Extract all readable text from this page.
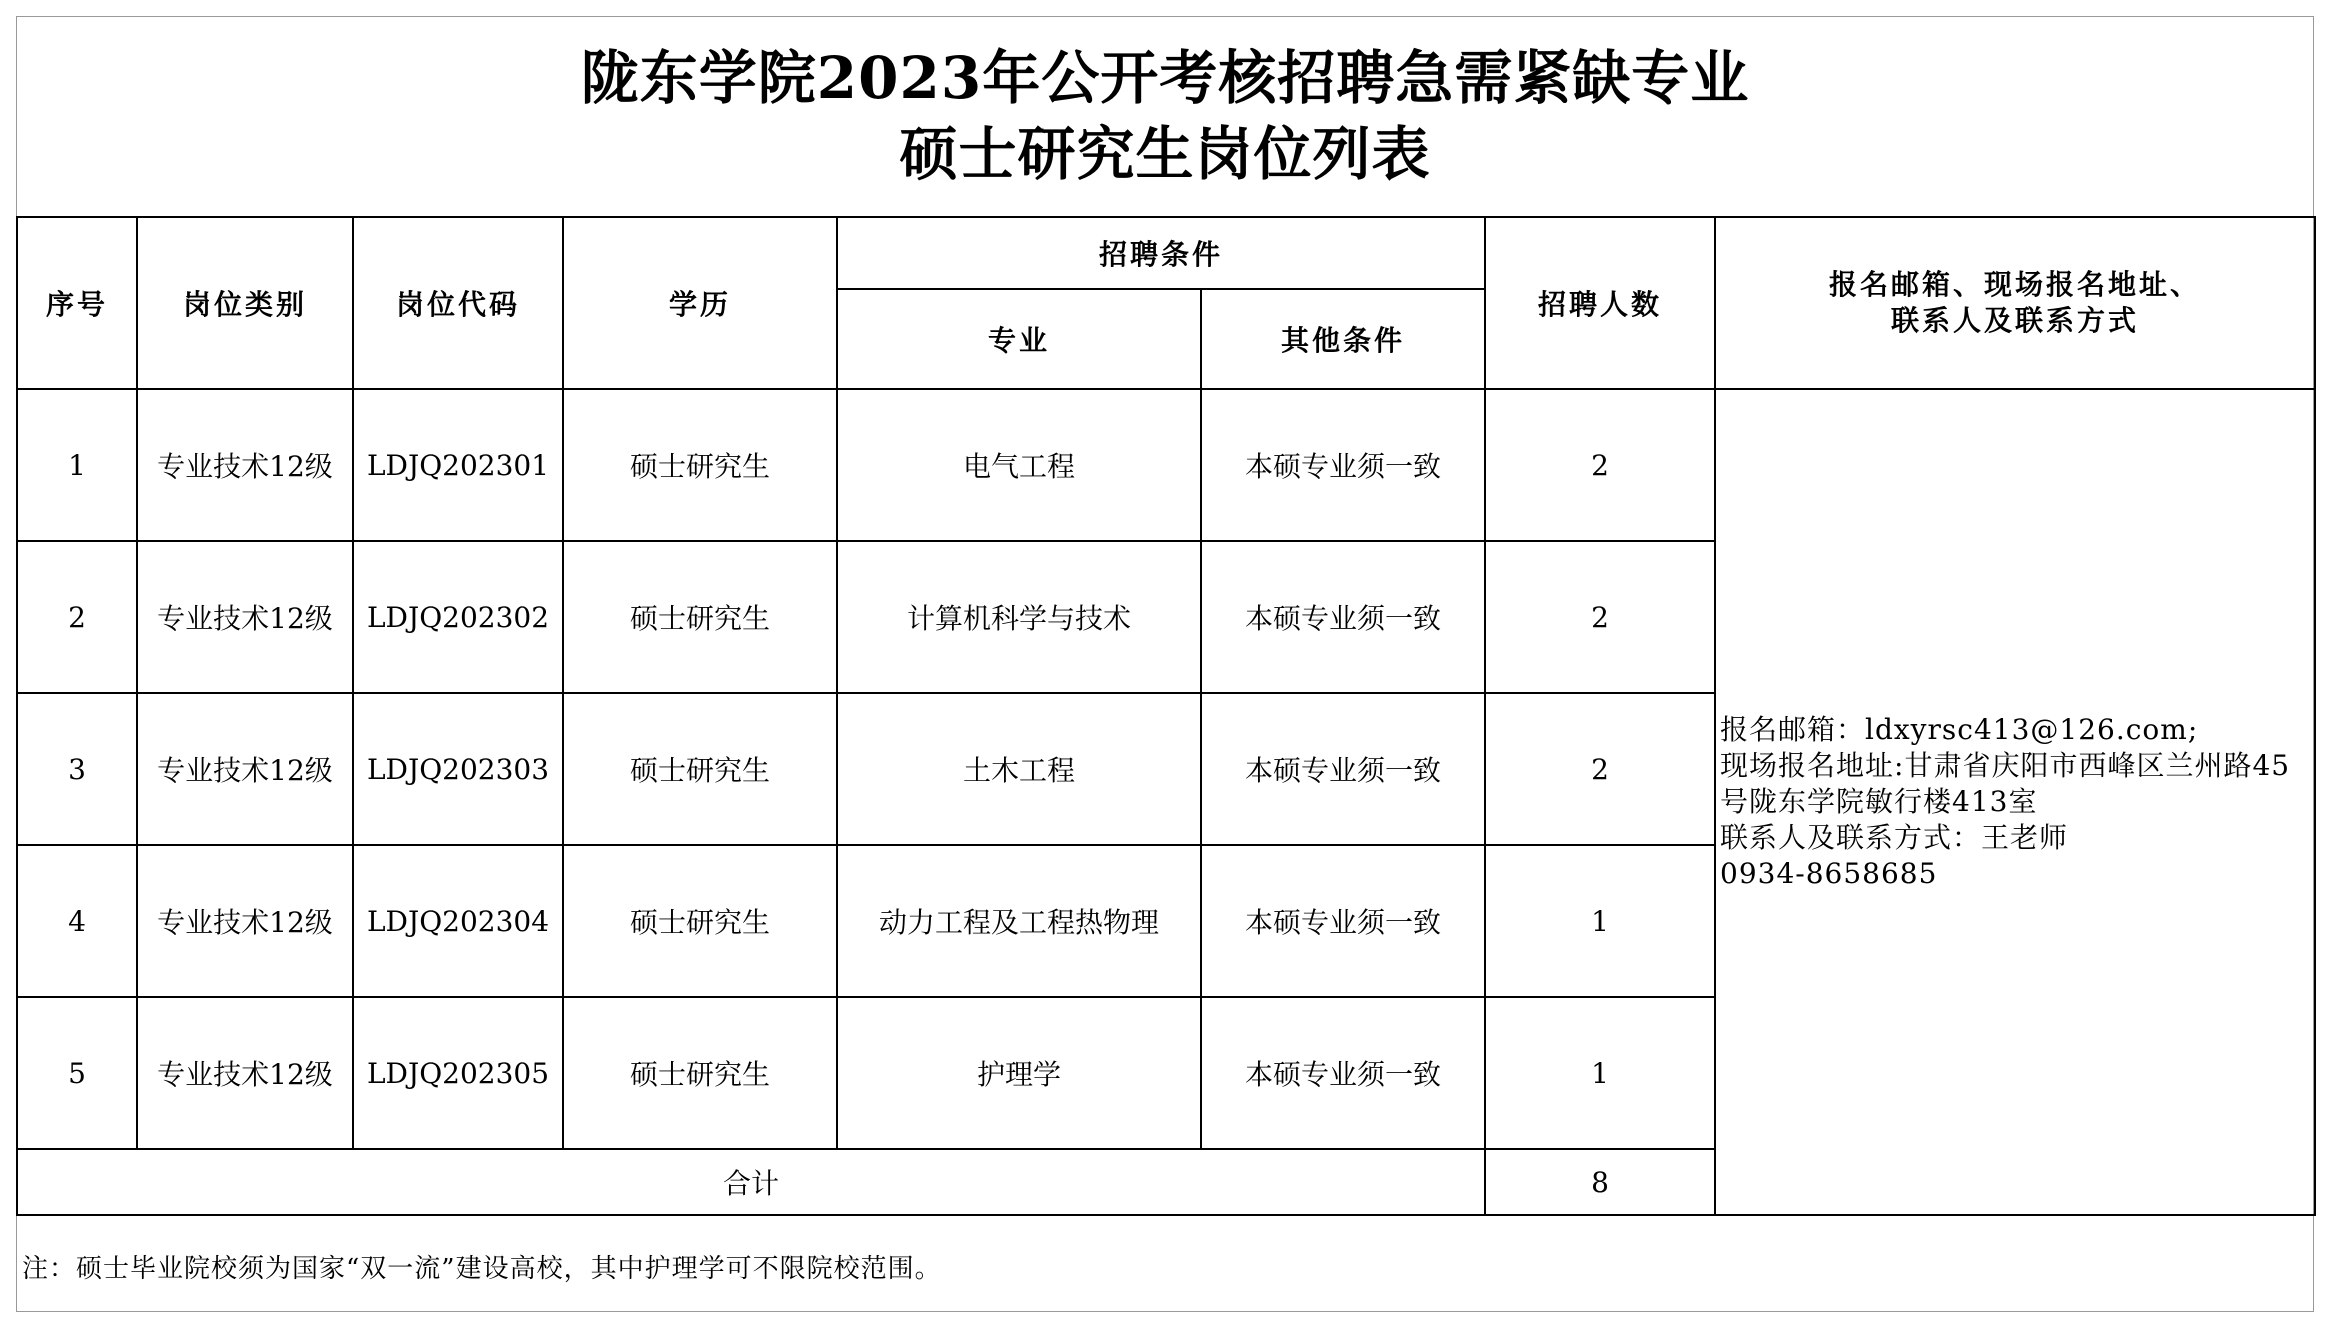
陇东学院2023年公开考核招聘急需紧缺专业
硕士研究生岗位列表
序号	岗位类别	岗位代码	学历	招聘条件		招聘人数	报名邮箱、现场报名地址、联系人及联系方式
				专业	其他条件		
1	专业技术12级	LDJQ202301	硕士研究生	电气工程	本硕专业须一致	2	报名邮箱：ldxyrsc413@126.com;
现场报名地址:甘肃省庆阳市西峰区兰州路45
号陇东学院敏行楼413室
联系人及联系方式：王老师
0934-8658685

2	专业技术12级	LDJQ202302	硕士研究生	计算机科学与技术	本硕专业须一致	2	
3	专业技术12级	LDJQ202303	硕士研究生	土木工程	本硕专业须一致	2	
4	专业技术12级	LDJQ202304	硕士研究生	动力工程及工程热物理	本硕专业须一致	1	
5	专业技术12级	LDJQ202305	硕士研究生	护理学	本硕专业须一致	1	
合计						8	
注：硕士毕业院校须为国家“双一流”建设高校，其中护理学可不限院校范围。
